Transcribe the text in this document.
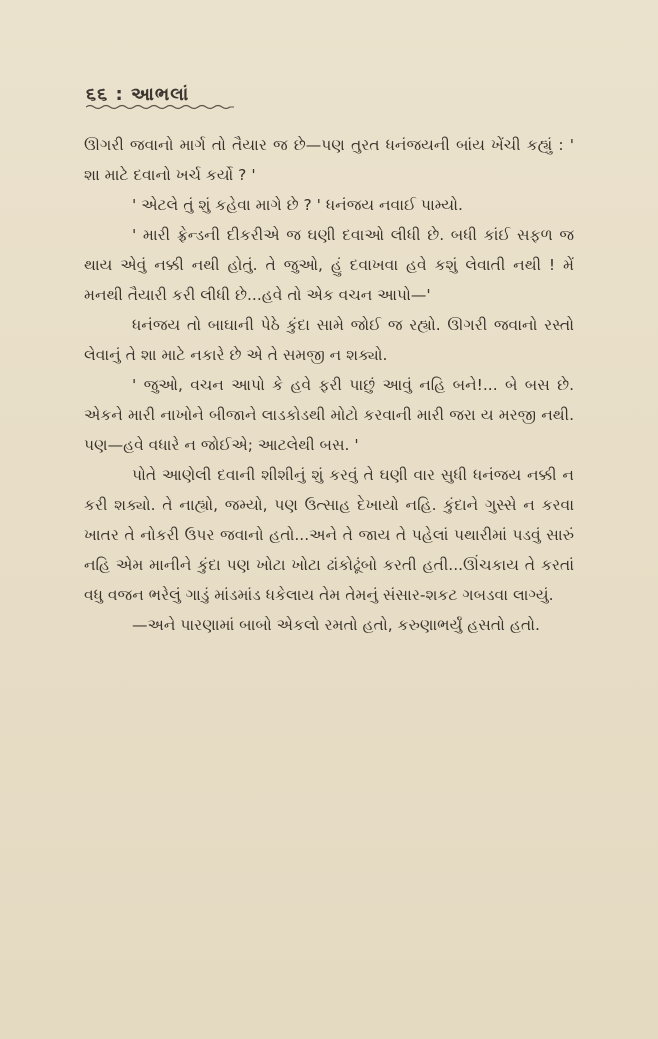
૬૬ : આભલાં

ઊગરી જવાનો માર્ગ તો તૈયાર જ છે—પણ તુરત ધનંજયની બાંય ખેંચી કહ્યું : ' શા માટે દવાનો ખર્ચ કર્યો ? '

' એટલે તું શું કહેવા માગે છે ? ' ધનંજય નવાઈ પામ્યો.

' મારી ફ્રેન્ડની દીકરીએ જ ઘણી દવાઓ લીધી છે. બધી કાંઈ સફળ જ થાય એવું નક્કી નથી હોતું. તે જુઓ, હું દવાખવા હવે કશું લેવાતી નથી ! મેં મનથી તૈયારી કરી લીધી છે...હવે તો એક વચન આપો—'

ધનંજય તો બાઘાની પેઠે કુંદા સામે જોઈ જ રહ્યો. ઊગરી જવાનો રસ્તો લેવાનું તે શા માટે નકારે છે એ તે સમજી ન શક્યો.

' જુઓ, વચન આપો કે હવે ફરી પાછું આવું નહિ બને!... બે બસ છે. એકને મારી નાખોને બીજાને લાડકોડથી મોટો કરવાની મારી જરા ય મરજી નથી. પણ—હવે વધારે ન જોઈએ; આટલેથી બસ. '

પોતે આણેલી દવાની શીશીનું શું કરવું તે ઘણી વાર સુધી ધનંજય નક્કી ન કરી શક્યો. તે નાહ્યો, જમ્યો, પણ ઉત્સાહ દેખાયો નહિ. કુંદાને ગુસ્સે ન કરવા ખાતર તે નોકરી ઉપર જવાનો હતો...અને તે જાય તે પહેલાં પથારીમાં પડવું સારું નહિ એમ માનીને કુંદા પણ ખોટા ખોટા ઢાંકોઢૂંબો કરતી હતી...ઊંચકાય તે કરતાં વધુ વજન ભરેલું ગાડું માંડમાંડ ધકેલાય તેમ તેમનું સંસાર-શકટ ગબડવા લાગ્યું.

—અને પારણામાં બાબો એકલો રમતો હતો, કરુણાભર્યું હસતો હતો.
